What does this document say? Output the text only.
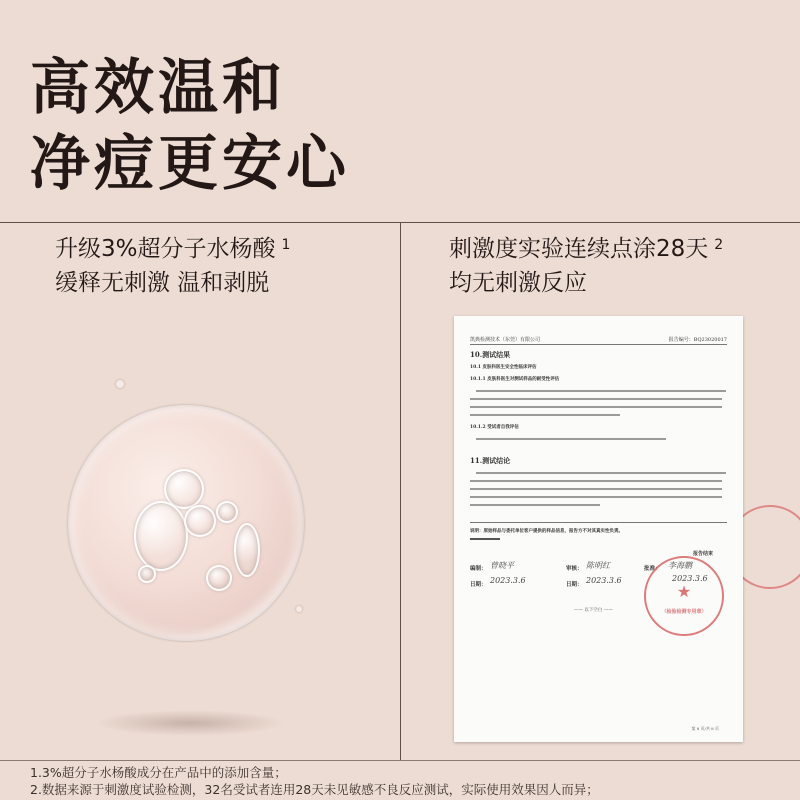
高效温和
净痘更安心
升级3%超分子水杨酸 $^1$
缓释无刺激 温和剥脱
刺激度实验连续点涂28天 $^2$
均无刺激反应
凯典检测技术（东莞）有限公司	报告编号：BQ23020017
10.测试结果
10.1 皮肤科医生安全性临床评估
10.1.1 皮肤科医生对测试样品的耐受性评估
10.1.2 受试者自我评估
11.测试结论
说明：原始样品与委托单位客户提供的样品信息，报告方不对其真实性负责。
报告结束
编制： 曾晓平	审核： 陈明红	批准： 李海鹏
日期： 2023.3.6	日期： 2023.3.6	2023.3.6
★
（检验检测专用章）
—— 以下空白 ——
第 8 页/共 8 页
1.3%超分子水杨酸成分在产品中的添加含量；
2.数据来源于刺激度试验检测，32名受试者连用28天未见敏感不良反应测试，实际使用效果因人而异；
